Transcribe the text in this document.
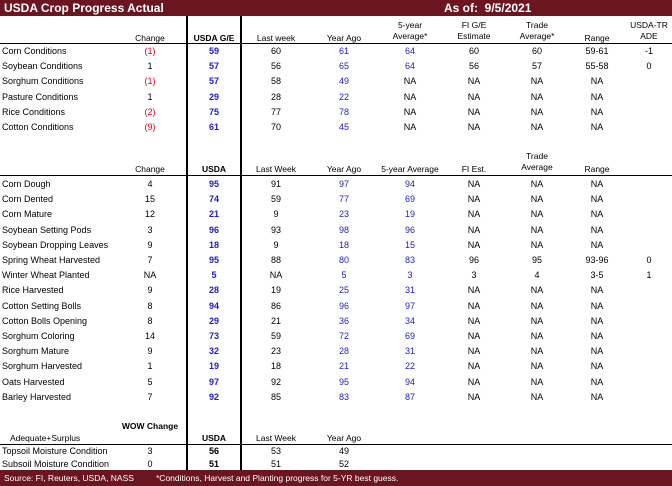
USDA Crop Progress Actual	As of: 9/5/2021
Change	USDA G/E	Last week	Year Ago
5-year Average*
FI G/E Estimate
Trade Average*	Range
USDA-TRADE
Corn Conditions	(1)	59	60	61	64	60	60	59-61	-1
Soybean Conditions	1	57	56	65	64	56	57	55-58	0
Sorghum Conditions	(1)	57	58	49	NA	NA	NA	NA
Pasture Conditions	1	29	28	22	NA	NA	NA	NA
Rice Conditions	(2)	75	77	78	NA	NA	NA	NA
Cotton Conditions	(9)	61	70	45	NA	NA	NA	NA
Change	USDA	Last Week	Year Ago	5-year Average	FI Est.
Trade Average	Range
Corn Dough	4	95	91	97	94	NA	NA	NA
Corn Dented	15	74	59	77	69	NA	NA	NA
Corn Mature	12	21	9	23	19	NA	NA	NA
Soybean Setting Pods	3	96	93	98	96	NA	NA	NA
Soybean Dropping Leaves	9	18	9	18	15	NA	NA	NA
Spring Wheat Harvested	7	95	88	80	83	96	95	93-96	0
Winter Wheat Planted	NA	5	NA	5	3	3	4	3-5	1
Rice Harvested	9	28	19	25	31	NA	NA	NA
Cotton Setting Bolls	8	94	86	96	97	NA	NA	NA
Cotton Bolls Opening	8	29	21	36	34	NA	NA	NA
Sorghum Coloring	14	73	59	72	69	NA	NA	NA
Sorghum Mature	9	32	23	28	31	NA	NA	NA
Sorghum Harvested	1	19	18	21	22	NA	NA	NA
Oats Harvested	5	97	92	95	94	NA	NA	NA
Barley Harvested	7	92	85	83	87	NA	NA	NA
WOW Change
Adequate+Surplus	USDA	Last Week	Year Ago
Topsoil Moisture Condition	3	56	53	49
Subsoil Moisture Condition	0	51	51	52
Source: FI, Reuters, USDA, NASS	*Conditions, Harvest and Planting progress for 5-YR best guess.
